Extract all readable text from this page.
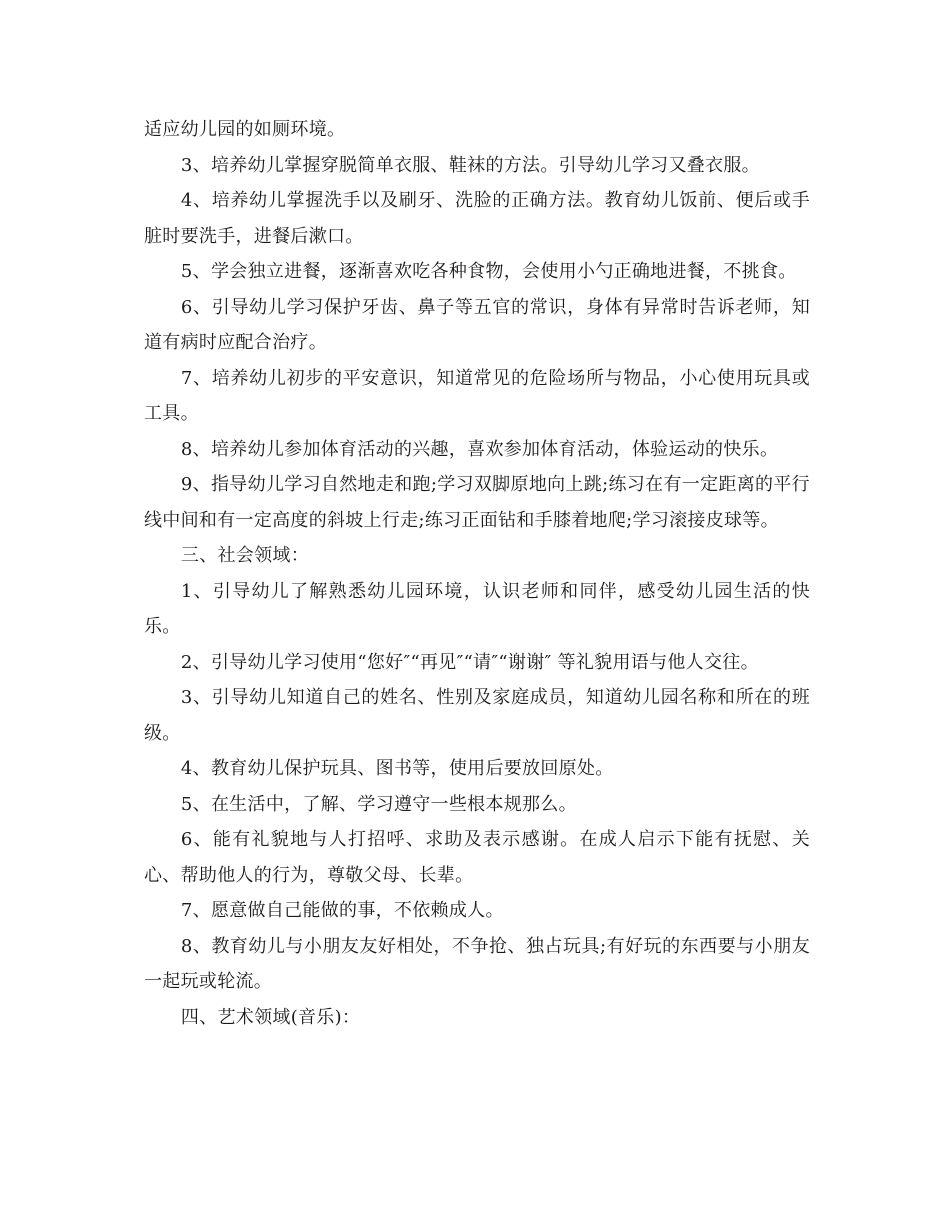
适应幼儿园的如厕环境。

3、培养幼儿掌握穿脱简单衣服、鞋袜的方法。引导幼儿学习又叠衣服。

4、培养幼儿掌握洗手以及刷牙、洗脸的正确方法。教育幼儿饭前、便后或手脏时要洗手，进餐后漱口。

5、学会独立进餐，逐渐喜欢吃各种食物，会使用小勺正确地进餐，不挑食。

6、引导幼儿学习保护牙齿、鼻子等五官的常识，身体有异常时告诉老师，知道有病时应配合治疗。

7、培养幼儿初步的平安意识，知道常见的危险场所与物品，小心使用玩具或工具。

8、培养幼儿参加体育活动的兴趣，喜欢参加体育活动，体验运动的快乐。

9、指导幼儿学习自然地走和跑;学习双脚原地向上跳;练习在有一定距离的平行线中间和有一定高度的斜坡上行走;练习正面钻和手膝着地爬;学习滚接皮球等。

三、社会领域：

1、引导幼儿了解熟悉幼儿园环境，认识老师和同伴，感受幼儿园生活的快乐。

2、引导幼儿学习使用“您好″“再见″“请″“谢谢″ 等礼貌用语与他人交往。

3、引导幼儿知道自己的姓名、性别及家庭成员，知道幼儿园名称和所在的班级。

4、教育幼儿保护玩具、图书等，使用后要放回原处。

5、在生活中，了解、学习遵守一些根本规那么。

6、能有礼貌地与人打招呼、求助及表示感谢。在成人启示下能有抚慰、关心、帮助他人的行为，尊敬父母、长辈。

7、愿意做自己能做的事，不依赖成人。

8、教育幼儿与小朋友友好相处，不争抢、独占玩具;有好玩的东西要与小朋友一起玩或轮流。

四、艺术领域(音乐)：
